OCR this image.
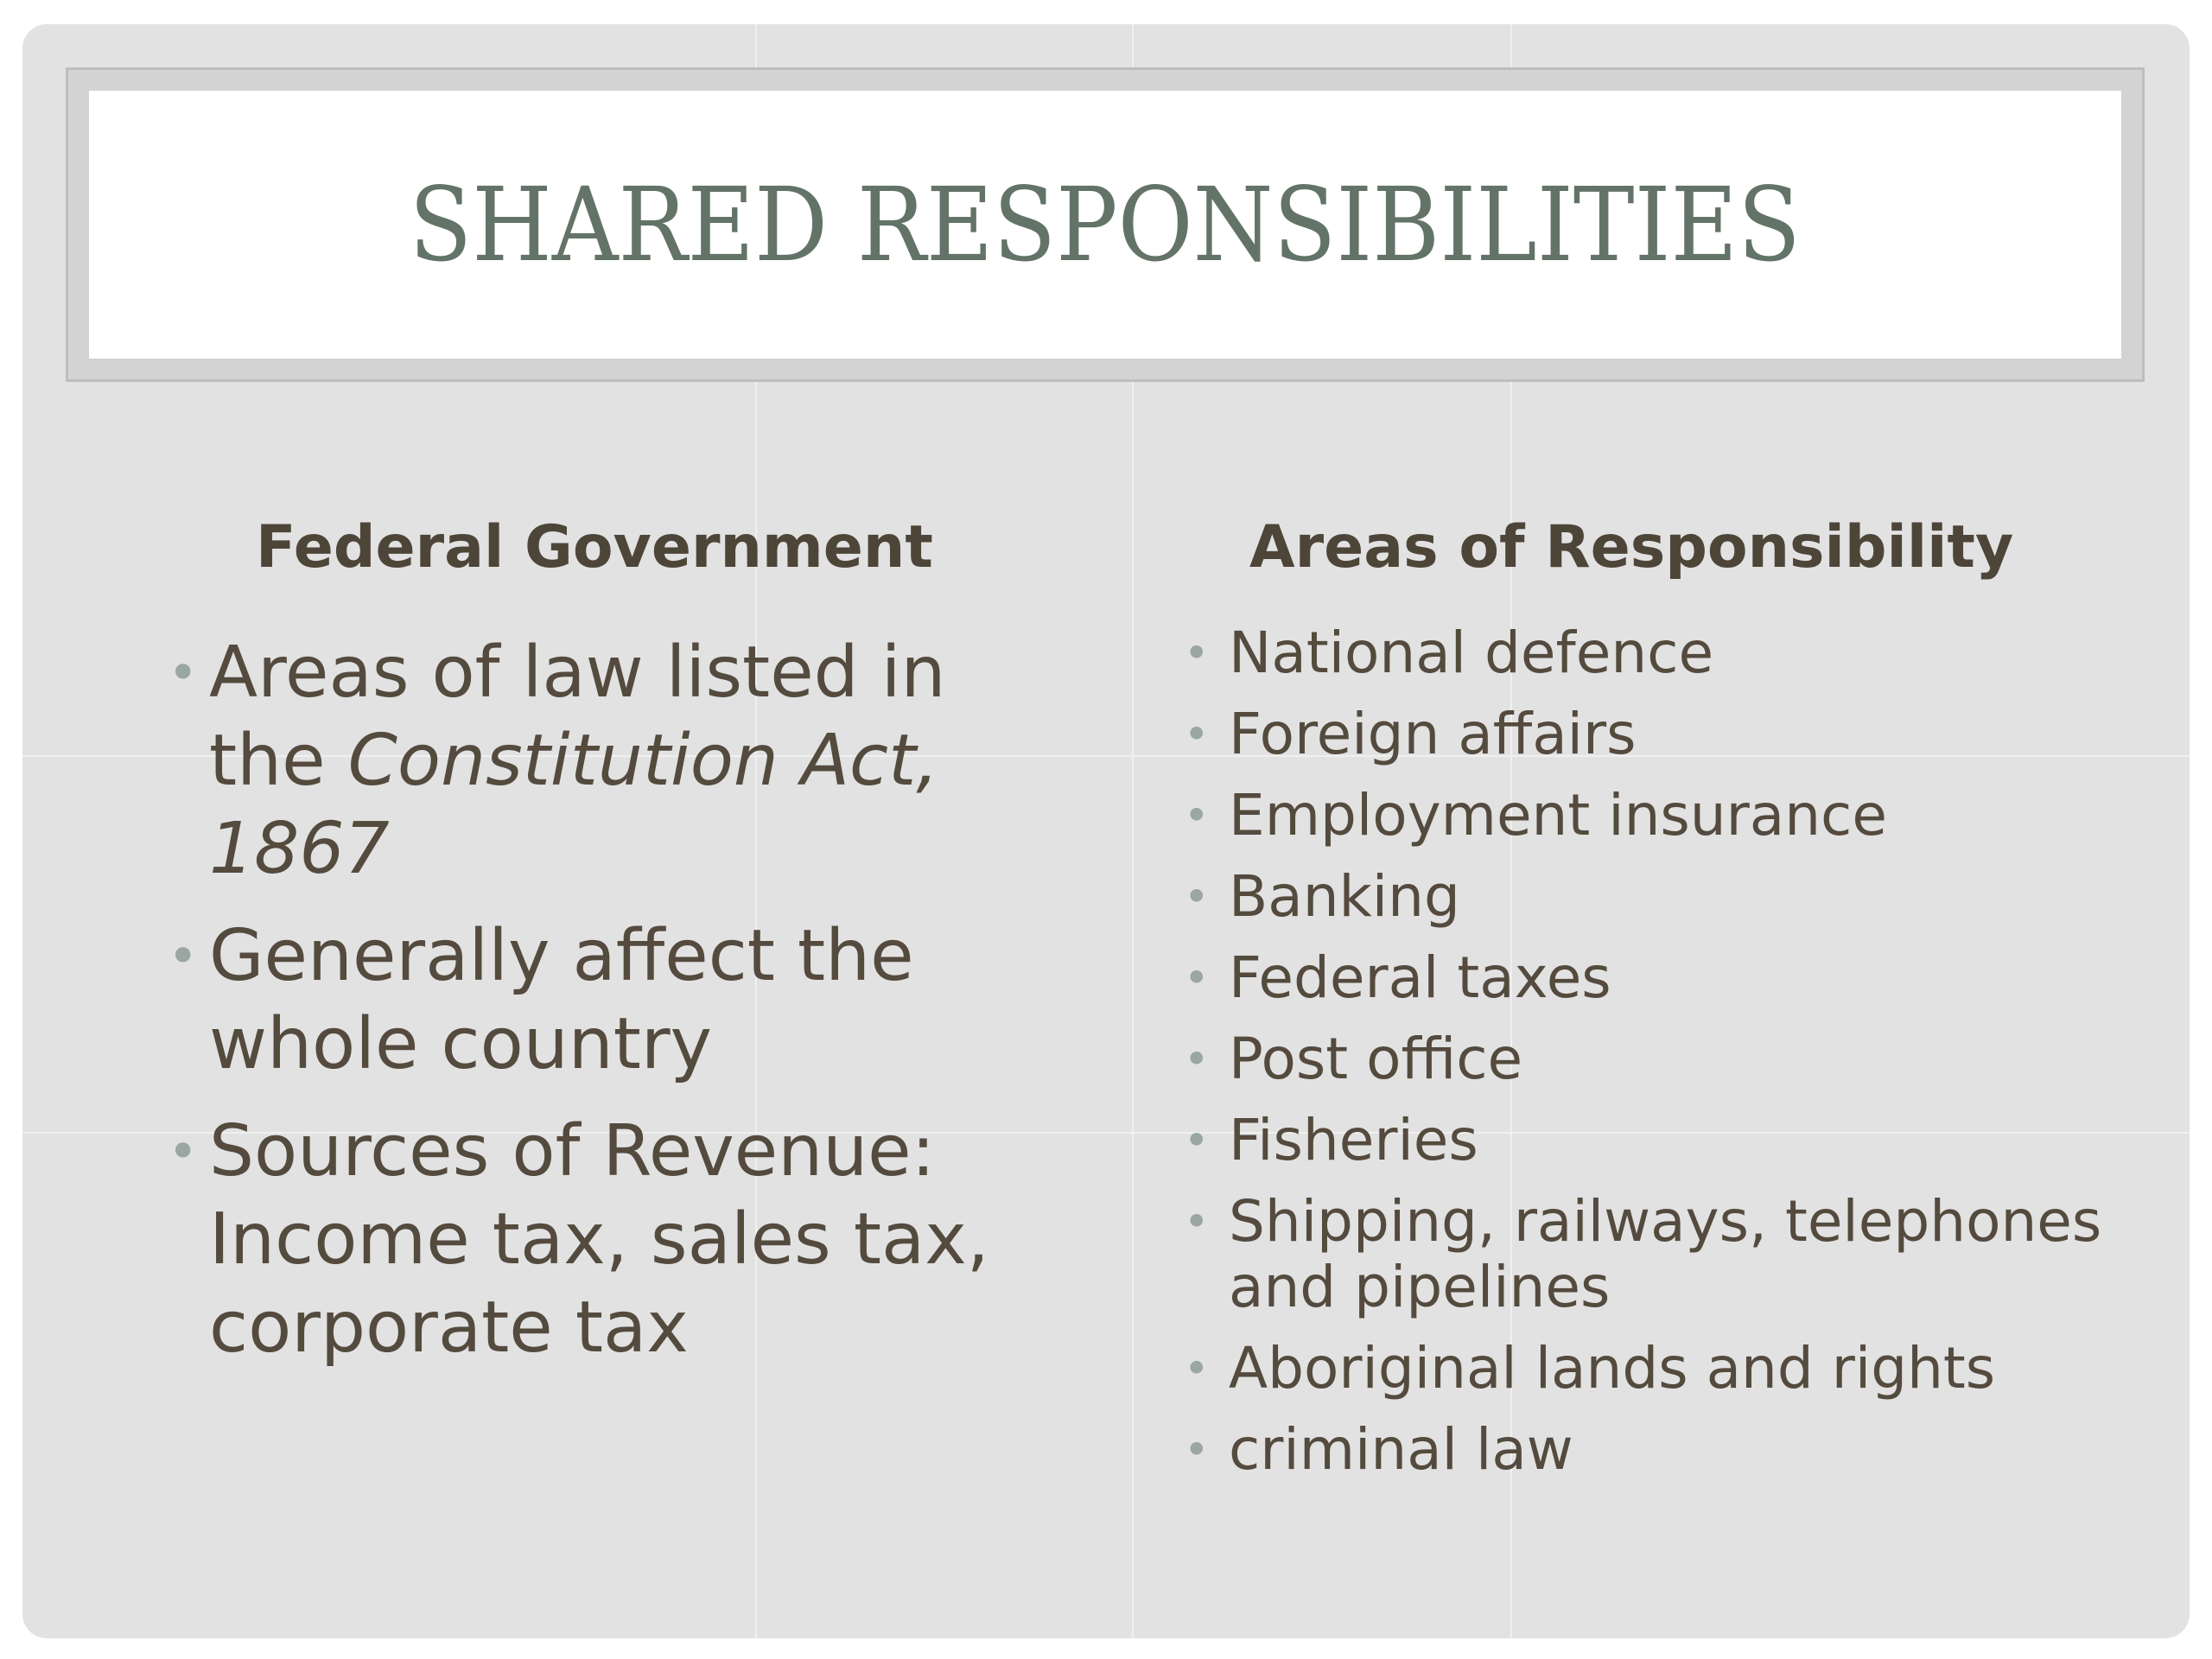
SHARED RESPONSIBILITIES
Federal Government	Areas of Responsibility
• Areas of law listed in the Constitution Act, 1867
• Generally affect the whole country
• Sources of Revenue: Income tax, sales tax, corporate tax
• National defence
• Foreign affairs
• Employment insurance
• Banking
• Federal taxes
• Post office
• Fisheries
• Shipping, railways, telephones and pipelines
• Aboriginal lands and rights
• criminal law
